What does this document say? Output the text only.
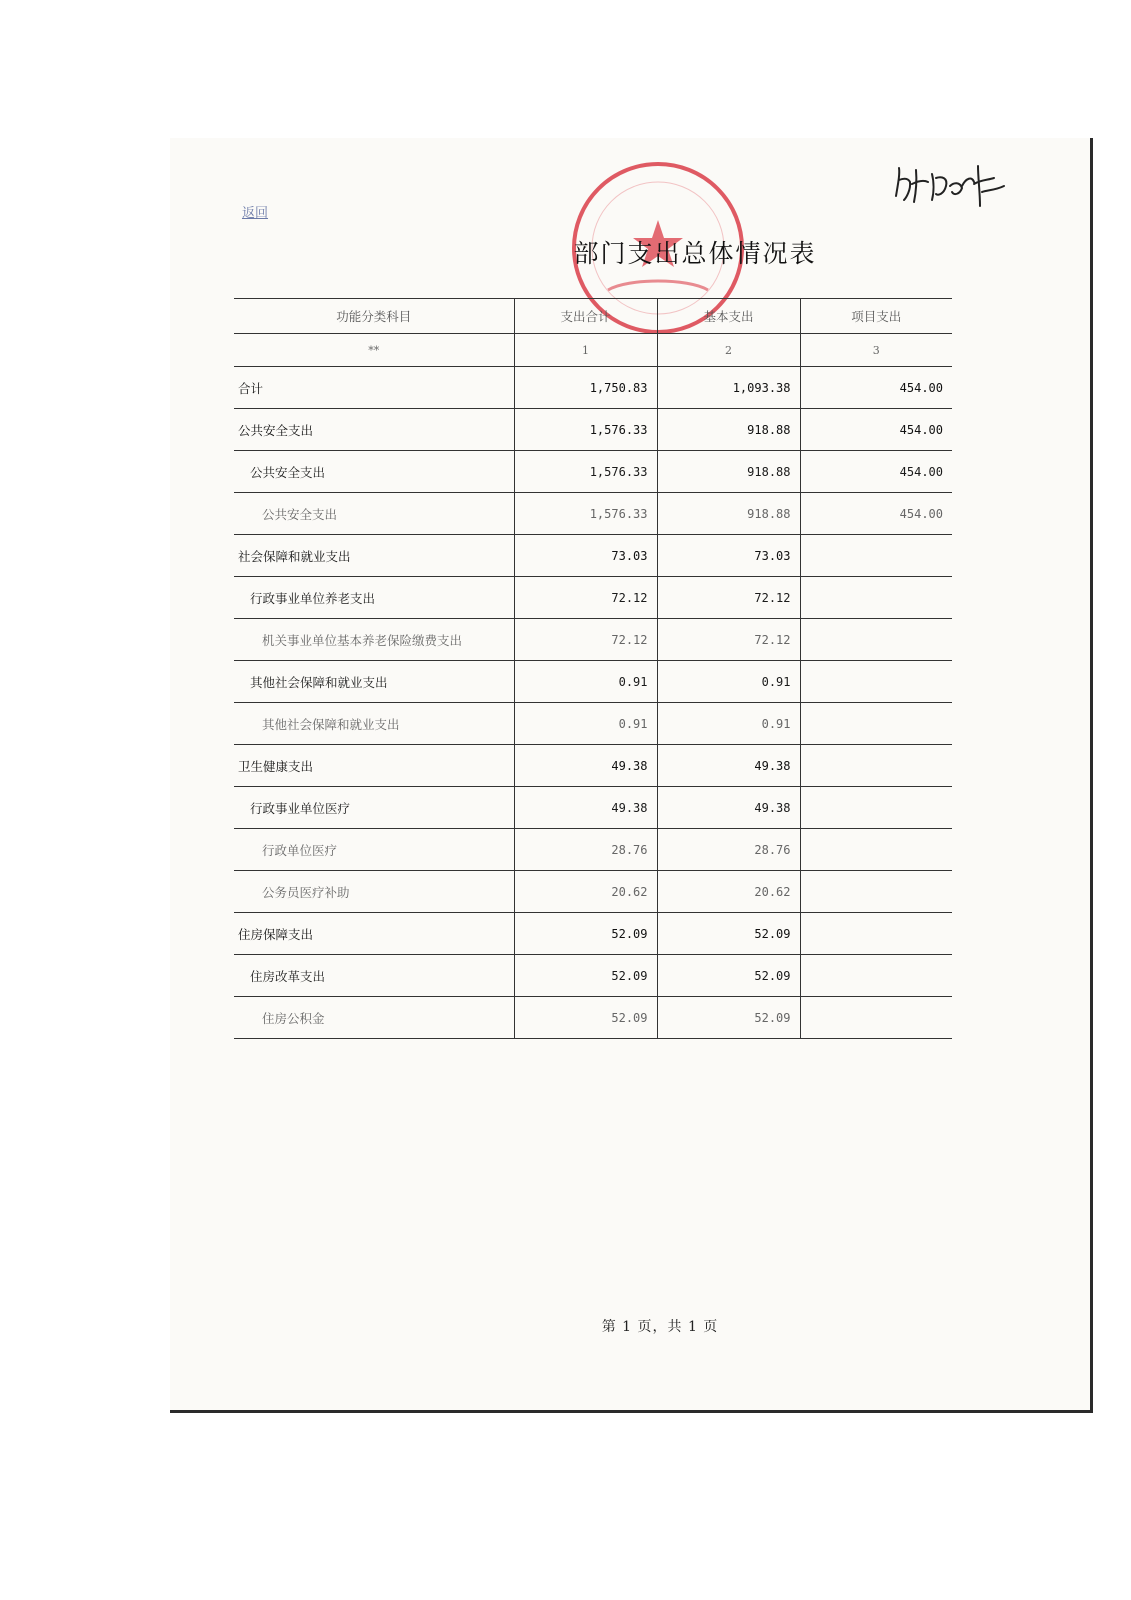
返回
部门支出总体情况表
功能分类科目	支出合计	基本支出	项目支出
**	1	2	3
合计	1,750.83	1,093.38	454.00
公共安全支出	1,576.33	918.88	454.00
公共安全支出	1,576.33	918.88	454.00
公共安全支出	1,576.33	918.88	454.00
社会保障和就业支出	73.03	73.03	
行政事业单位养老支出	72.12	72.12	
机关事业单位基本养老保险缴费支出	72.12	72.12	
其他社会保障和就业支出	0.91	0.91	
其他社会保障和就业支出	0.91	0.91	
卫生健康支出	49.38	49.38	
行政事业单位医疗	49.38	49.38	
行政单位医疗	28.76	28.76	
公务员医疗补助	20.62	20.62	
住房保障支出	52.09	52.09	
住房改革支出	52.09	52.09	
住房公积金	52.09	52.09	
第 1 页，共 1 页
